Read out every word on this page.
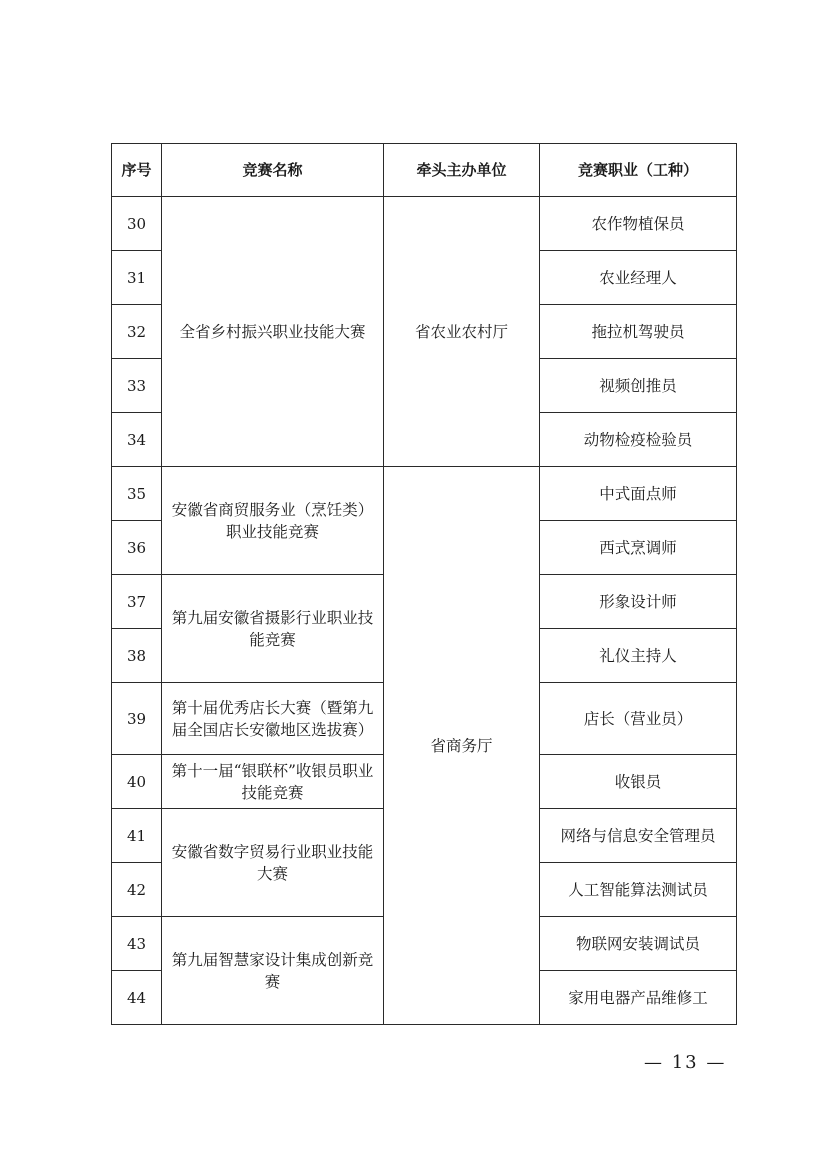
序号	竞赛名称	牵头主办单位	竞赛职业（工种）
30	全省乡村振兴职业技能大赛	省农业农村厅	农作物植保员
31			农业经理人
32			拖拉机驾驶员
33			视频创推员
34			动物检疫检验员
35	安徽省商贸服务业（烹饪类）职业技能竞赛	省商务厅	中式面点师
36			西式烹调师
37	第九届安徽省摄影行业职业技能竞赛		形象设计师
38			礼仪主持人
39	第十届优秀店长大赛（暨第九届全国店长安徽地区选拔赛）		店长（营业员）
40	第十一届“银联杯”收银员职业技能竞赛		收银员
41	安徽省数字贸易行业职业技能大赛		网络与信息安全管理员
42			人工智能算法测试员
43	第九届智慧家设计集成创新竞赛		物联网安装调试员
44			家用电器产品维修工
— 13 —
